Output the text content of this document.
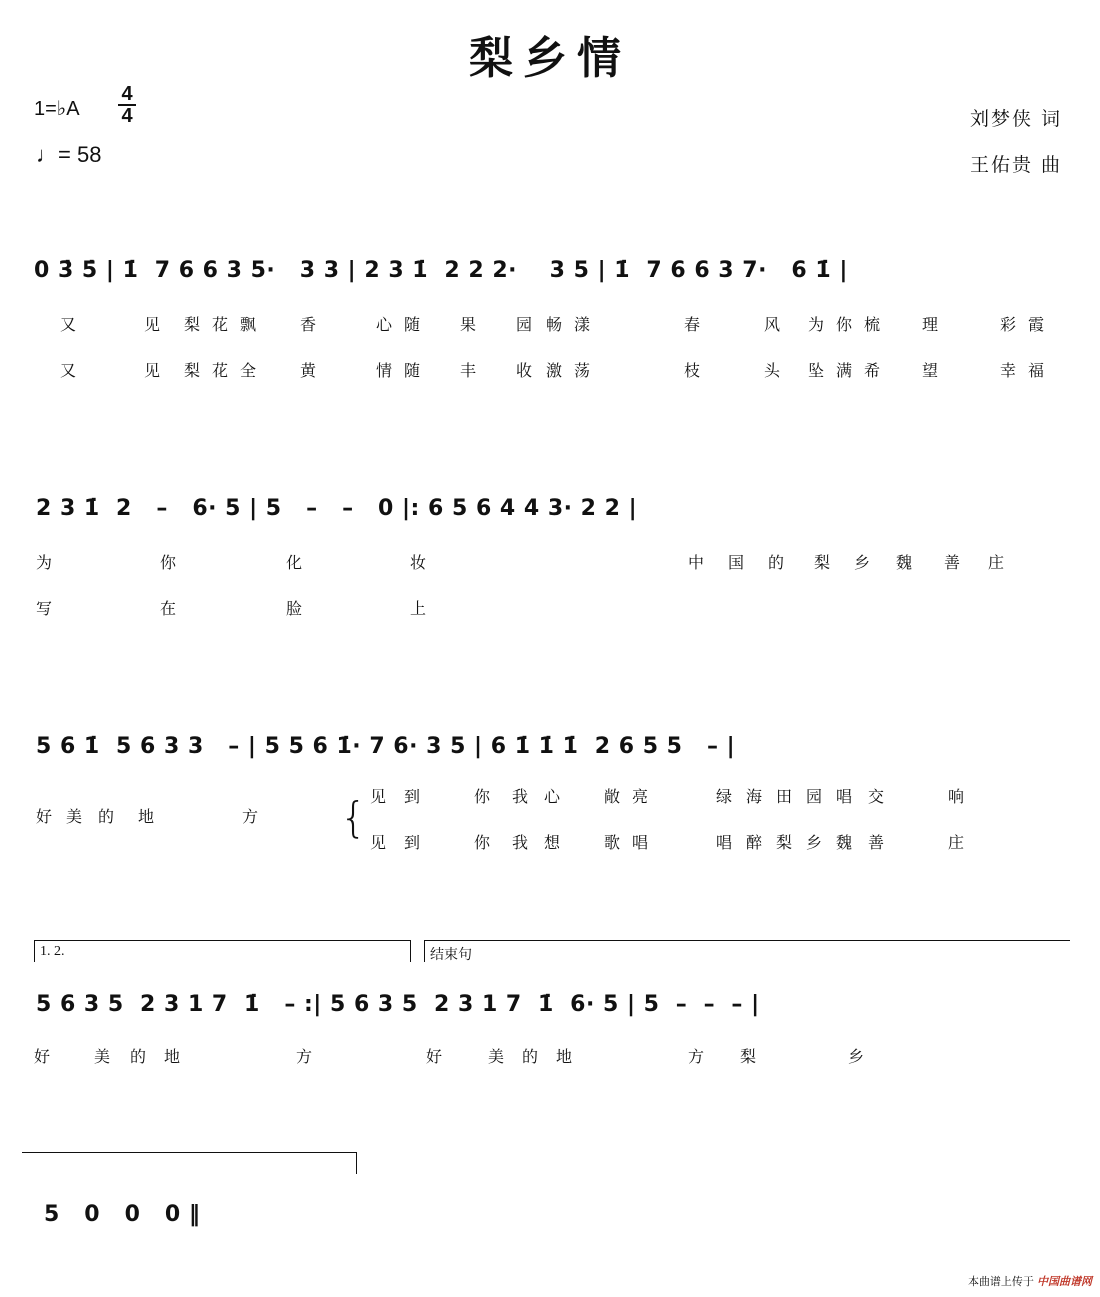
梨乡情
1=♭A
4
4
♩= 58
刘梦侠 词
王佑贵 曲
0 3̇ 5̇ | 1̇  7 6 6 3 5·   3 3 | 2 3 1̇  2 2 2·    3 5 | 1̇  7 6 6 3 7·   6 1̇ |
又	见 梨 花 飘	香	心 随 果 园 畅 漾	春	风 为 你 梳	理	彩 霞
又	见 梨 花 全	黄	情 随 丰 收 激 荡	枝	头 坠 满 希	望	幸 福
2 3 1̇  2   –   6· 5 | 5   –   –   0 |: 6 5 6 4 4 3· 2 2 |
为	你	化	妆	中 国 的 梨 乡 魏 善 庄
写	在	脸	上
5 6 1̇  5 6 3 3   – | 5 5 6 1̇· 7 6· 3 5 | 6 1̇ 1̇ 1̇  2 6 5 5   – |
好 美 的 地	方 { 见 到	你 我 心	敞 亮	绿 海 田 园 唱 交	响
见 到	你 我 想	歌 唱	唱 醉 梨 乡 魏 善	庄
1. 2.	结束句
5 6 3 5  2 3 1 7  1̇   – :| 5 6 3 5  2 3 1 7  1̇  6· 5 | 5  –  –  – |
好	美 的 地	方	好	美 的 地	方 梨	乡
5   0   0   0 ‖
本曲谱上传于 中国曲谱网
